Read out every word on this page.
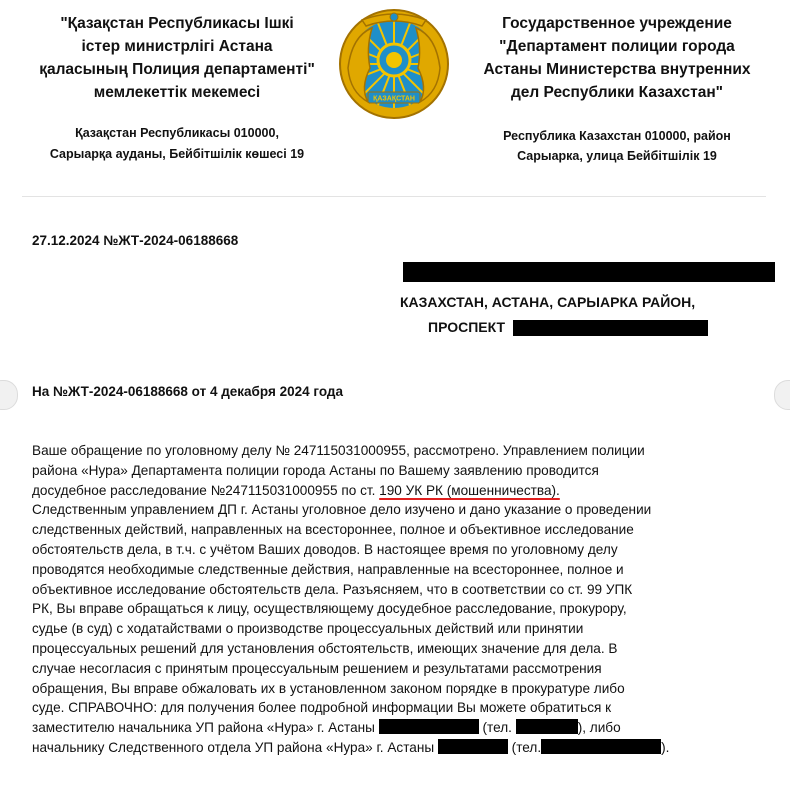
"Қазақстан Республикасы Ішкі
істер министрлігі Астана
қаласының Полиция департаменті"
мемлекеттік мекемесі	ҚАЗАҚСТАН
Государственное учреждение
"Департамент полиции города
Астаны Министерства внутренних
дел Республики Казахстан"
Қазақстан Республикасы 010000,
Сарыарқа ауданы, Бейбітшілік көшесі 19
Республика Казахстан 010000, район
Сарыарка, улица Бейбітшілік 19
27.12.2024 №ЖТ-2024-06188668
КАЗАХСТАН, АСТАНА, САРЫАРКА РАЙОН,
ПРОСПЕКТ
На №ЖТ-2024-06188668 от 4 декабря 2024 года
Ваше обращение по уголовному делу № 247115031000955, рассмотрено. Управлением полиции
района «Нура» Департамента полиции города Астаны по Вашему заявлению проводится
досудебное расследование №247115031000955 по ст. 190 УК РК (мошенничества).
Следственным управлением ДП г. Астаны уголовное дело изучено и дано указание о проведении
следственных действий, направленных на всестороннее, полное и объективное исследование
обстоятельств дела, в т.ч. с учётом Ваших доводов. В настоящее время по уголовному делу
проводятся необходимые следственные действия, направленные на всестороннее, полное и
объективное исследование обстоятельств дела. Разъясняем, что в соответствии со ст. 99 УПК
РК, Вы вправе обращаться к лицу, осуществляющему досудебное расследование, прокурору,
судье (в суд) с ходатайствами о производстве процессуальных действий или принятии
процессуальных решений для установления обстоятельств, имеющих значение для дела. В
случае несогласия с принятым процессуальным решением и результатами рассмотрения
обращения, Вы вправе обжаловать их в установленном законом порядке в прокуратуре либо
суде. СПРАВОЧНО: для получения более подробной информации Вы можете обратиться к
заместителю начальника УП района «Нура» г. Астаны	(тел.	), либо
начальнику Следственного отдела УП района «Нура» г. Астаны	(тел.	).
